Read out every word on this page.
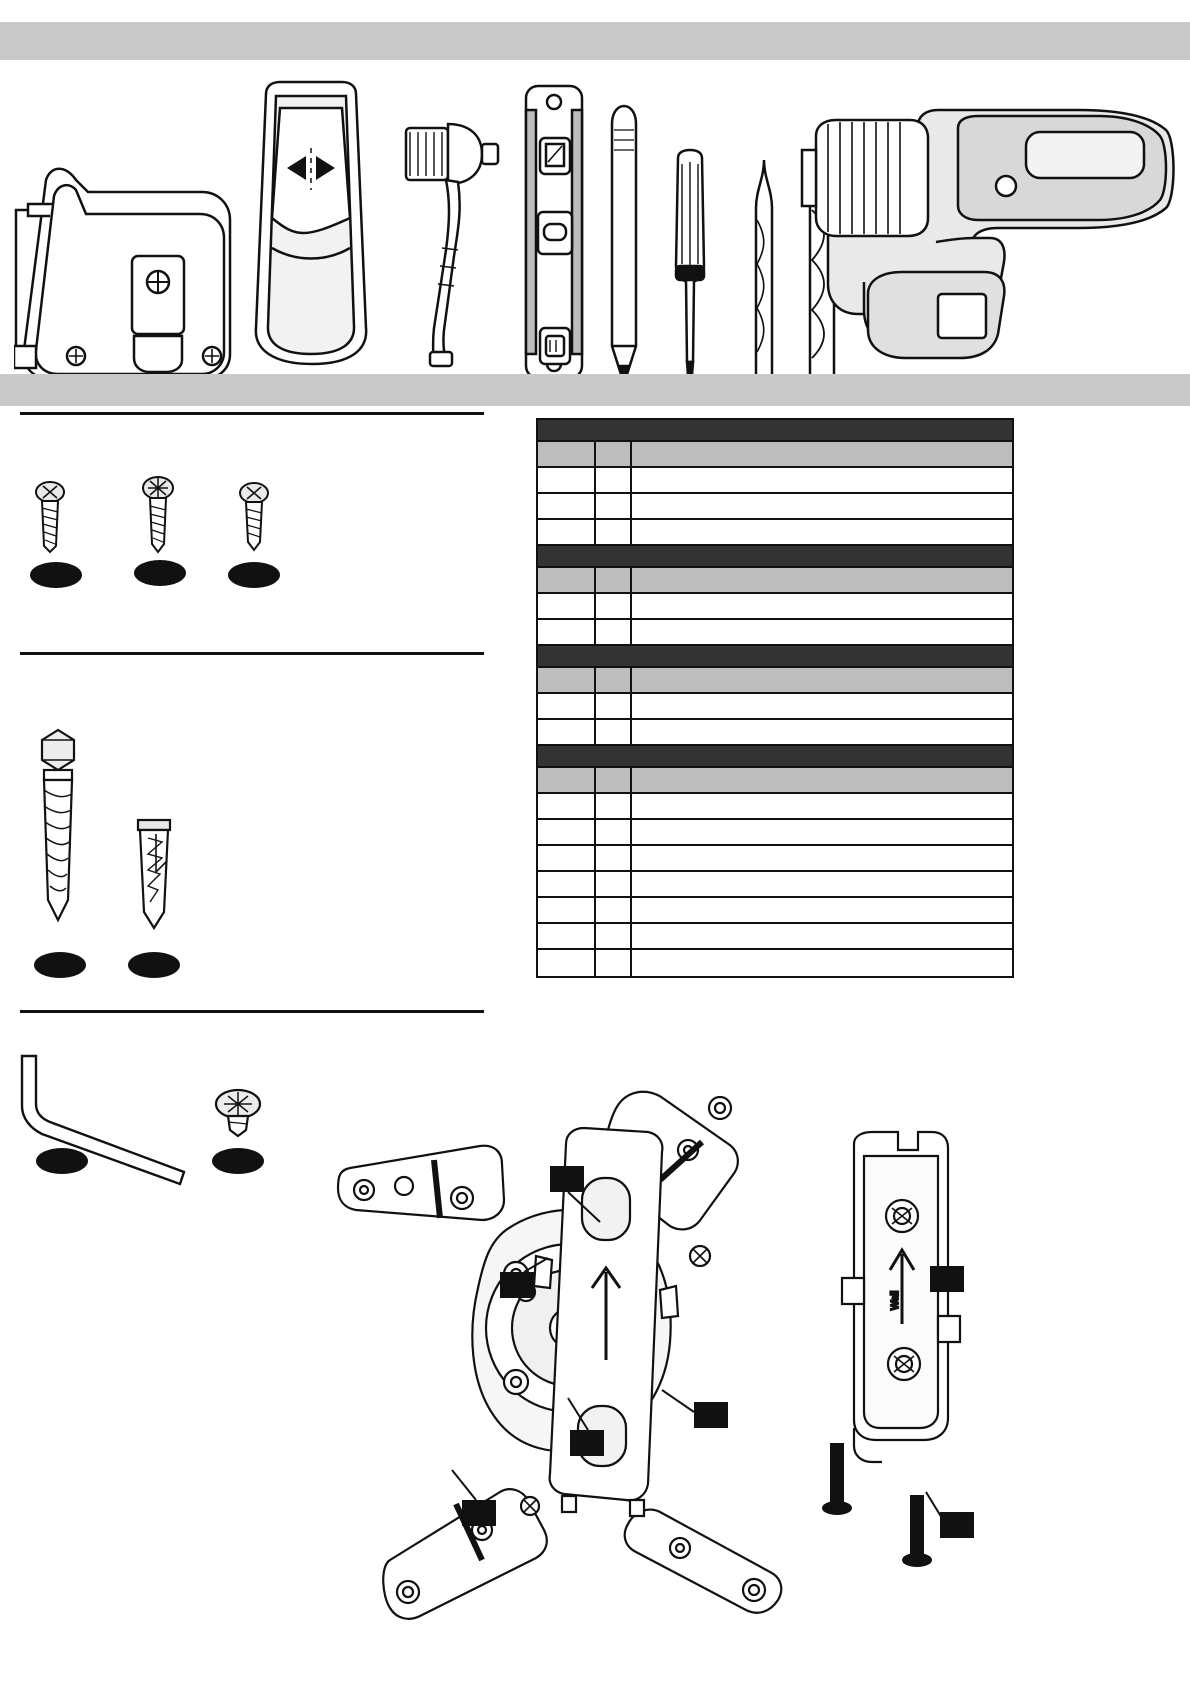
Wall
